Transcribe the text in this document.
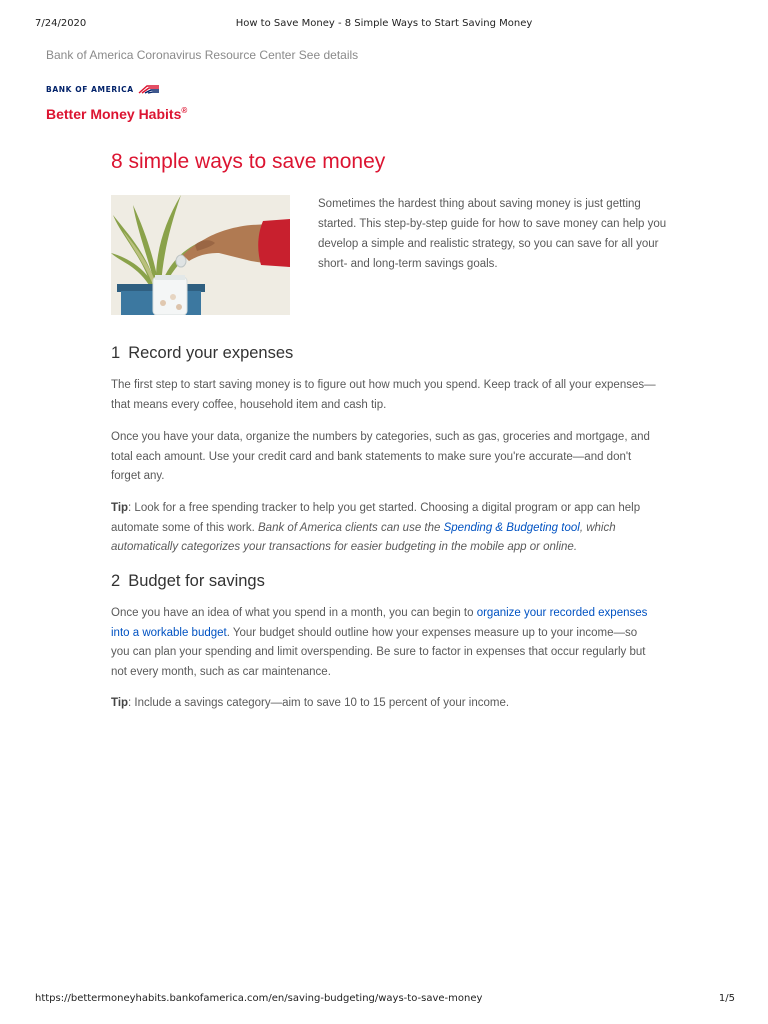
7/24/2020	How to Save Money - 8 Simple Ways to Start Saving Money
Bank of America Coronavirus Resource Center See details
BANK OF AMERICA
Better Money Habits®
8 simple ways to save money

Sometimes the hardest thing about saving money is just getting started. This step-by-step guide for how to save money can help you develop a simple and realistic strategy, so you can save for all your short- and long-term savings goals.

1 Record your expenses

The first step to start saving money is to figure out how much you spend. Keep track of all your expenses—that means every coffee, household item and cash tip.

Once you have your data, organize the numbers by categories, such as gas, groceries and mortgage, and total each amount. Use your credit card and bank statements to make sure you're accurate—and don't forget any.

Tip: Look for a free spending tracker to help you get started. Choosing a digital program or app can help automate some of this work. Bank of America clients can use the Spending & Budgeting tool, which automatically categorizes your transactions for easier budgeting in the mobile app or online.

2 Budget for savings

Once you have an idea of what you spend in a month, you can begin to organize your recorded expenses into a workable budget. Your budget should outline how your expenses measure up to your income—so you can plan your spending and limit overspending. Be sure to factor in expenses that occur regularly but not every month, such as car maintenance.

Tip: Include a savings category—aim to save 10 to 15 percent of your income.

https://bettermoneyhabits.bankofamerica.com/en/saving-budgeting/ways-to-save-money	1/5
